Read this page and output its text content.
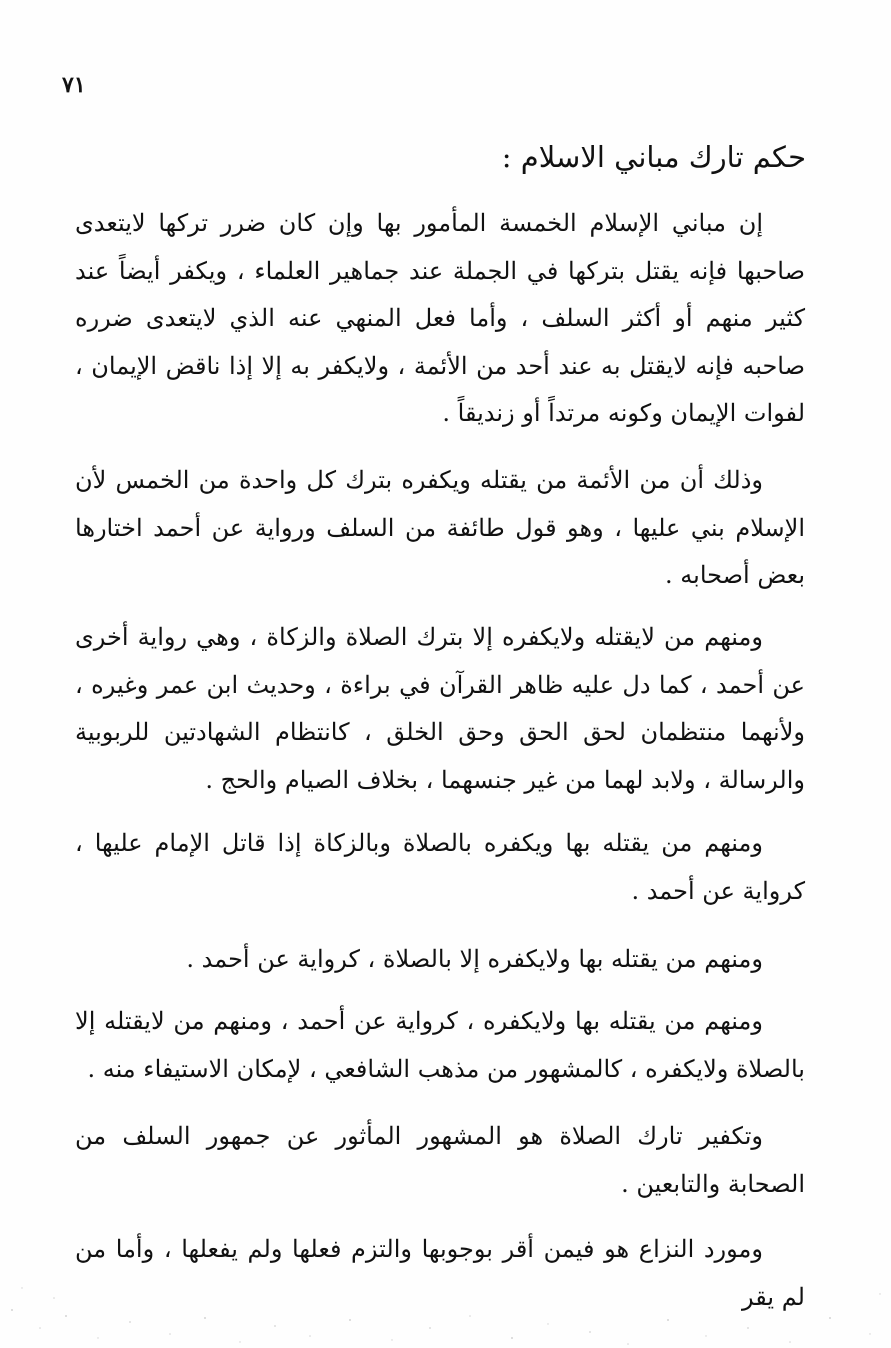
٧١
حكم تارك مباني الاسلام :
إن مباني الإسلام الخمسة المأمور بها وإن كان ضرر تركها لايتعدى صاحبها فإنه يقتل بتركها في الجملة عند جماهير العلماء ، ويكفر أيضاً عند كثير منهم أو أكثر السلف ، وأما فعل المنهي عنه الذي لايتعدى ضرره صاحبه فإنه لايقتل به عند أحد من الأئمة ، ولايكفر به إلا إذا ناقض الإيمان ، لفوات الإيمان وكونه مرتداً أو زنديقاً .
وذلك أن من الأئمة من يقتله ويكفره بترك كل واحدة من الخمس لأن الإسلام بني عليها ، وهو قول طائفة من السلف ورواية عن أحمد اختارها بعض أصحابه .
ومنهم من لايقتله ولايكفره إلا بترك الصلاة والزكاة ، وهي رواية أخرى عن أحمد ، كما دل عليه ظاهر القرآن في براءة ، وحديث ابن عمر وغيره ، ولأنهما منتظمان لحق الحق وحق الخلق ، كانتظام الشهادتين للربوبية والرسالة ، ولابد لهما من غير جنسهما ، بخلاف الصيام والحج .
ومنهم من يقتله بها ويكفره بالصلاة وبالزكاة إذا قاتل الإمام عليها ، كرواية عن أحمد .
ومنهم من يقتله بها ولايكفره إلا بالصلاة ، كرواية عن أحمد .
ومنهم من يقتله بها ولايكفره ، كرواية عن أحمد ، ومنهم من لايقتله إلا بالصلاة ولايكفره ، كالمشهور من مذهب الشافعي ، لإمكان الاستيفاء منه .
وتكفير تارك الصلاة هو المشهور المأثور عن جمهور السلف من الصحابة والتابعين .
ومورد النزاع هو فيمن أقر بوجوبها والتزم فعلها ولم يفعلها ، وأما من لم يقر
